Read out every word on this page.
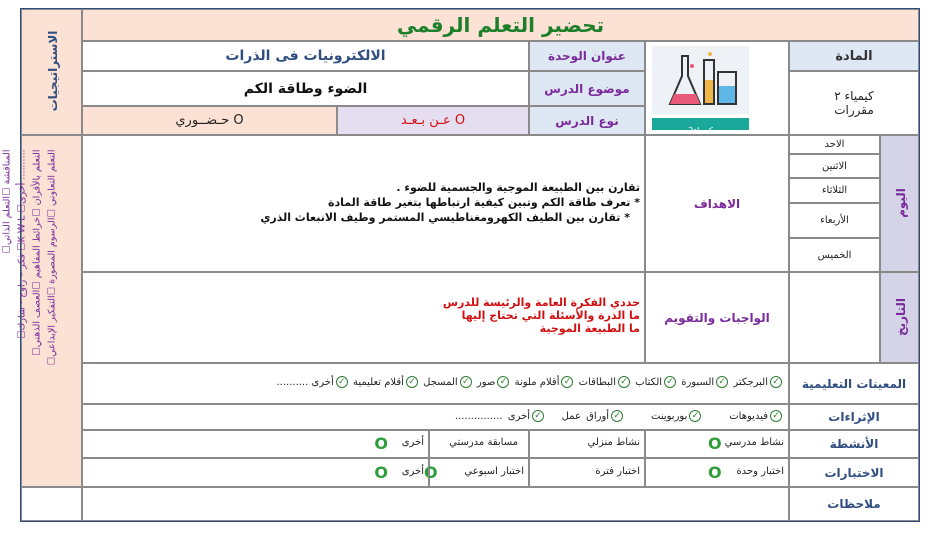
تحضير التعلم الرقمي
الاستراتيجيات
☐التعلم التعاوني ☐الرسوم المصورة ☐التفكير الإبداعي
☐التعلم بالأقران ☐خرائط المفاهيم ☐العصف الذهني
☐فكر – زاوج - شارك ☐K W L ☐أخرى ..........
☐المناقشة ☐التعلم الذاتي
المادة
كيمياء2
عنوان الوحدة
الالكترونيات فى الذرات
كيمياء ٢
مقررات
موضوع الدرس
الضوء وطاقة الكم
نوع الدرس
عـن بـعـد O
حـضــوري O
اليوم
التاريخ
الاحد
الاثنين
الثلاثاء
الأربعاء
الخميس
الاهداف
تقارن بين الطبيعة الموجية والجسمية للضوء .
* تعرف طاقة الكم وتبين كيفية ارتباطها بتغير طاقة المادة
* تقارن بين الطيف الكهرومغناطيسي المستمر وطيف الانبعاث الذري
الواجبات والتقويم
حددي الفكرة العامة والرئيسة للدرس
ما الذرة والأسئلة التي تحتاج إليها
ما الطبيعة الموجية
المعينات التعليمية
✓البرجكتر ✓السبورة ✓الكتاب ✓البطاقات ✓أقلام ملونة ✓صور ✓المسجل ✓أقلام تعليمية ✓أخرى ..........
الإثراءات
✓فيديوهات     ✓بوربوينت     ✓أوراق عمل   ✓أخرى ...............
الأنشطة
نشاط مدرسي
O
نشاط منزلي
مسابقة مدرستي
أخرى
O
الاختبارات
اختبار وحدة
O
اختبار فترة
اختبار اسبوعي
O
أخرى
O
ملاحظات
